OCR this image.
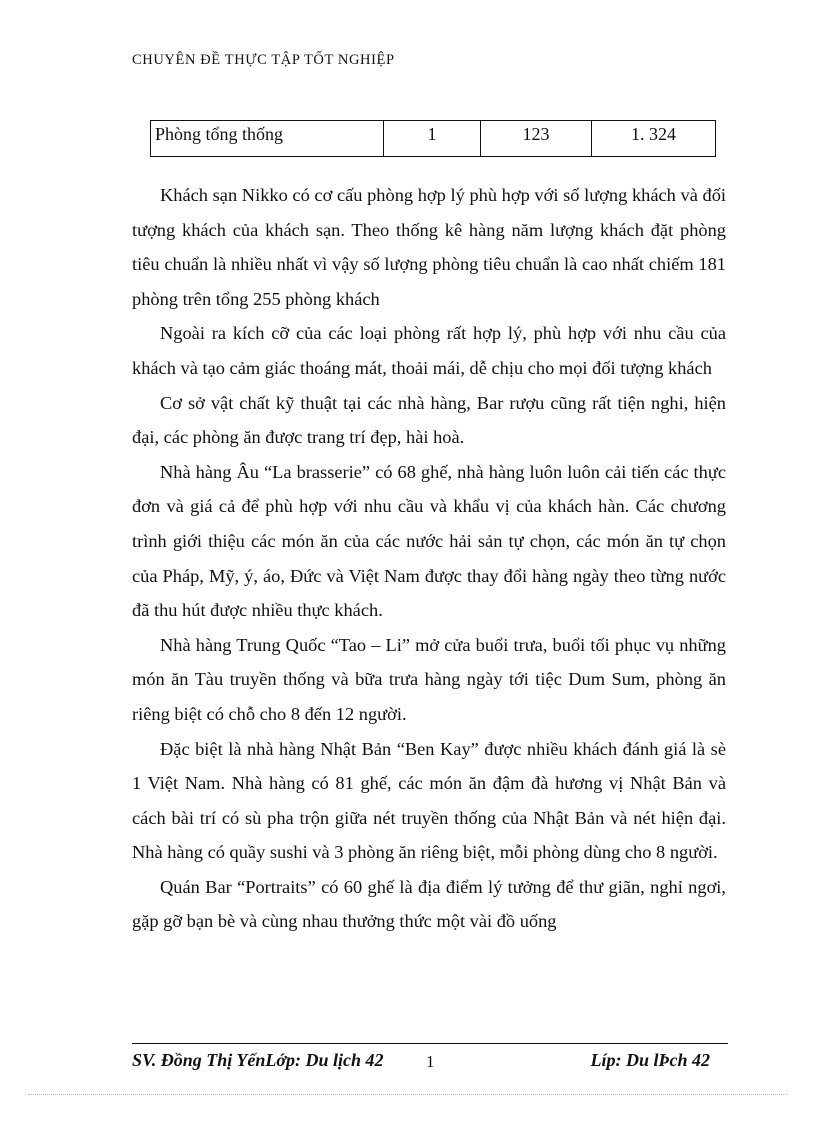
CHUYÊN ĐỀ THỰC TẬP TỐT NGHIỆP
Phòng tổng thống	1	123	1. 324

Khách sạn Nikko có cơ cấu phòng hợp lý phù hợp với số lượng khách và đối tượng khách của khách sạn. Theo thống kê hàng năm lượng khách đặt phòng tiêu chuẩn là nhiều nhất vì vậy số lượng phòng tiêu chuẩn là cao nhất chiếm 181 phòng trên tổng 255 phòng khách

Ngoài ra kích cỡ của các loại phòng rất hợp lý, phù hợp với nhu cầu của khách và tạo cảm giác thoáng mát, thoải mái, dễ chịu cho mọi đối tượng khách

Cơ sở vật chất kỹ thuật tại các nhà hàng, Bar rượu cũng rất tiện nghi, hiện đại, các phòng ăn được trang trí đẹp, hài hoà.

Nhà hàng Âu “La brasserie” có 68 ghế, nhà hàng luôn luôn cải tiến các thực đơn và giá cả để phù hợp với nhu cầu và khẩu vị của khách hàn. Các chương trình giới thiệu các món ăn của các nước hải sản tự chọn, các món ăn tự chọn của Pháp, Mỹ, ý, áo, Đức và Việt Nam được thay đổi hàng ngày theo từng nước đã thu hút được nhiều thực khách.

Nhà hàng Trung Quốc “Tao – Li” mở cửa buổi trưa, buổi tối phục vụ những món ăn Tàu truyền thống và bữa trưa hàng ngày tới tiệc Dum Sum, phòng ăn riêng biệt có chỗ cho 8 đến 12 người.

Đặc biệt là nhà hàng Nhật Bản “Ben Kay” được nhiều khách đánh giá là sè 1 Việt Nam. Nhà hàng có 81 ghế, các món ăn đậm đà hương vị Nhật Bản và cách bài trí có sù pha trộn giữa nét truyền thống của Nhật Bản và nét hiện đại. Nhà hàng có quầy sushi và 3 phòng ăn riêng biệt, mỗi phòng dùng cho 8 người.

Quán Bar “Portraits” có 60 ghế là địa điểm lý tưởng để thư giãn, nghỉ ngơi, gặp gỡ bạn bè và cùng nhau thưởng thức một vài đồ uống

SV. Đồng Thị YếnLớp: Du lịch 42 1	Líp: Du lÞch 42
